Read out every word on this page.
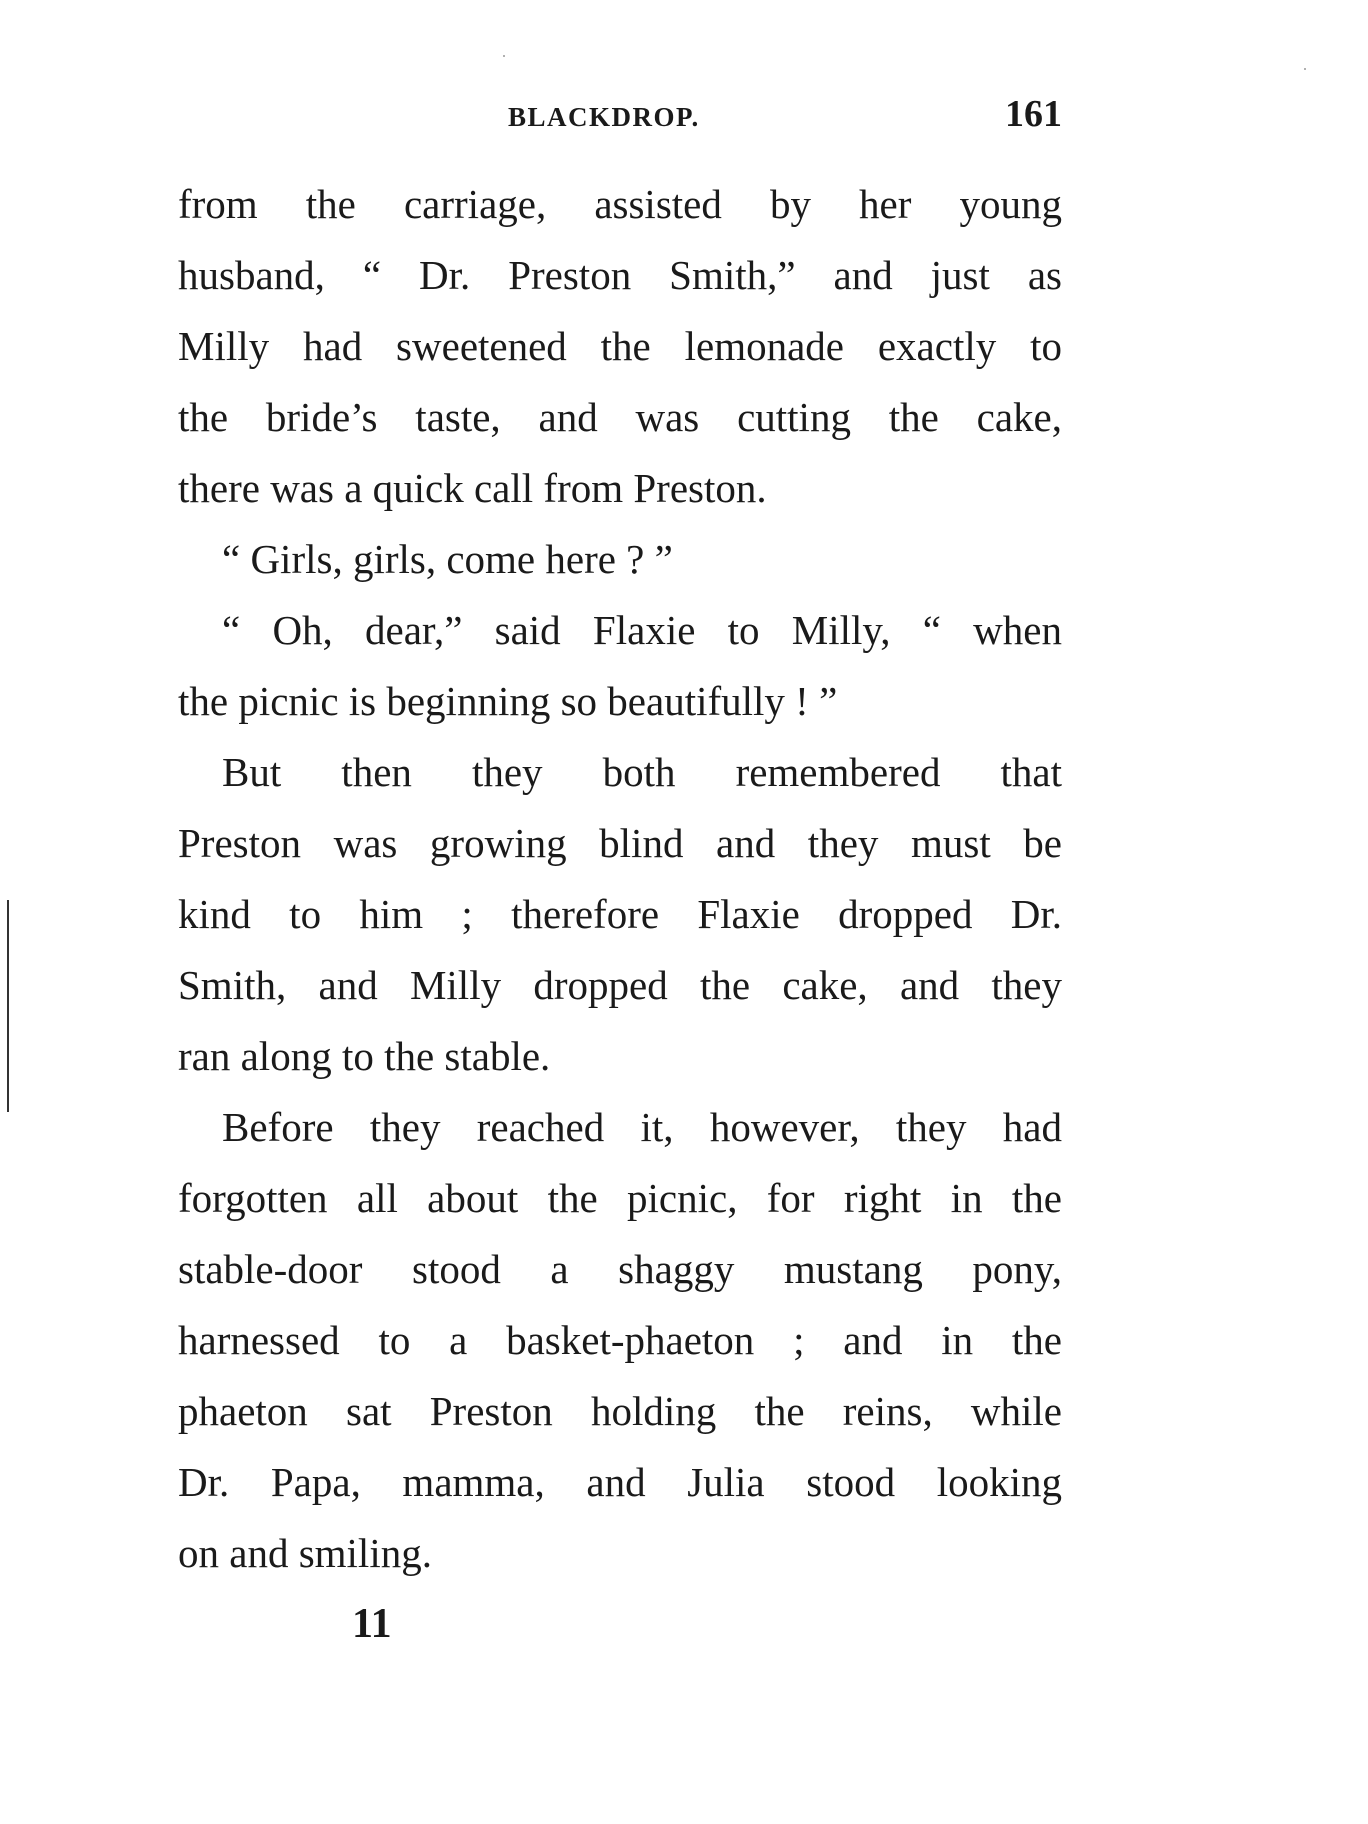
BLACKDROP.	161
from the carriage, assisted by her young
husband, “ Dr. Preston Smith,” and just as
Milly had sweetened the lemonade exactly to
the bride’s taste, and was cutting the cake,
there was a quick call from Preston.
“ Girls, girls, come here ? ”
“ Oh, dear,” said Flaxie to Milly, “ when
the picnic is beginning so beautifully ! ”
But then they both remembered that
Preston was growing blind and they must be
kind to him ; therefore Flaxie dropped Dr.
Smith, and Milly dropped the cake, and they
ran along to the stable.
Before they reached it, however, they had
forgotten all about the picnic, for right in the
stable-door stood a shaggy mustang pony,
harnessed to a basket-phaeton ; and in the
phaeton sat Preston holding the reins, while
Dr. Papa, mamma, and Julia stood looking
on and smiling.
11
